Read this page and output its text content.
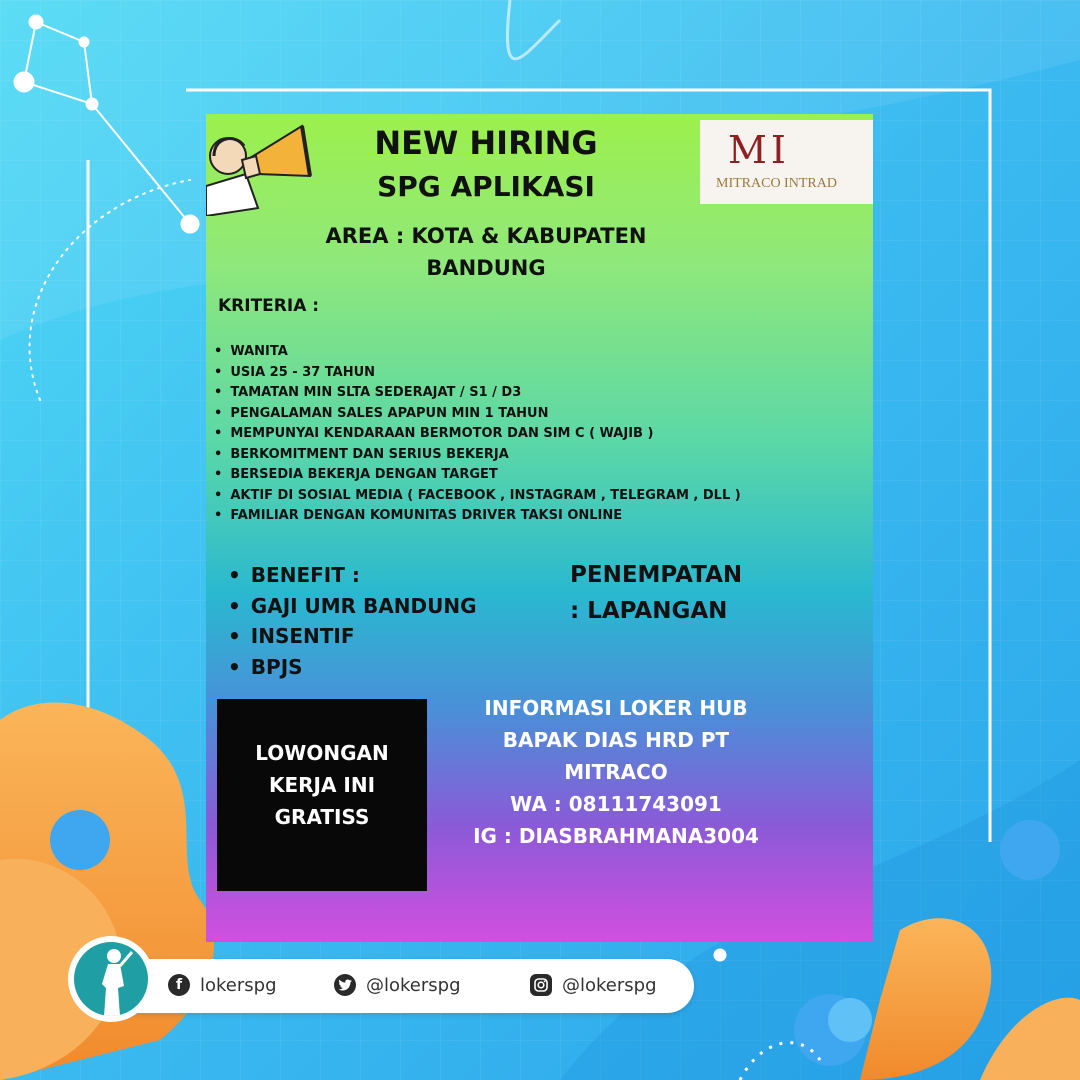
NEW HIRING

SPG APLIKASI

MI

MITRACO INTRAD

AREA : KOTA & KABUPATEN

BANDUNG

KRITERIA :

• WANITA
• USIA 25 - 37 TAHUN
• TAMATAN MIN SLTA SEDERAJAT / S1 / D3
• PENGALAMAN SALES APAPUN MIN 1 TAHUN
• MEMPUNYAI KENDARAAN BERMOTOR DAN SIM C ( WAJIB )
• BERKOMITMENT DAN SERIUS BEKERJA
• BERSEDIA BEKERJA DENGAN TARGET
• AKTIF DI SOSIAL MEDIA ( FACEBOOK , INSTAGRAM , TELEGRAM , DLL )
• FAMILIAR DENGAN KOMUNITAS DRIVER TAKSI ONLINE
• BENEFIT :
• GAJI UMR BANDUNG
• INSENTIF
• BPJS

PENEMPATAN

: LAPANGAN

LOWONGAN

KERJA INI

GRATISS

INFORMASI LOKER HUB

BAPAK DIAS HRD PT

MITRACO

WA : 08111743091

IG : DIASBRAHMANA3004

f lokerspg	@lokerspg	@lokerspg
